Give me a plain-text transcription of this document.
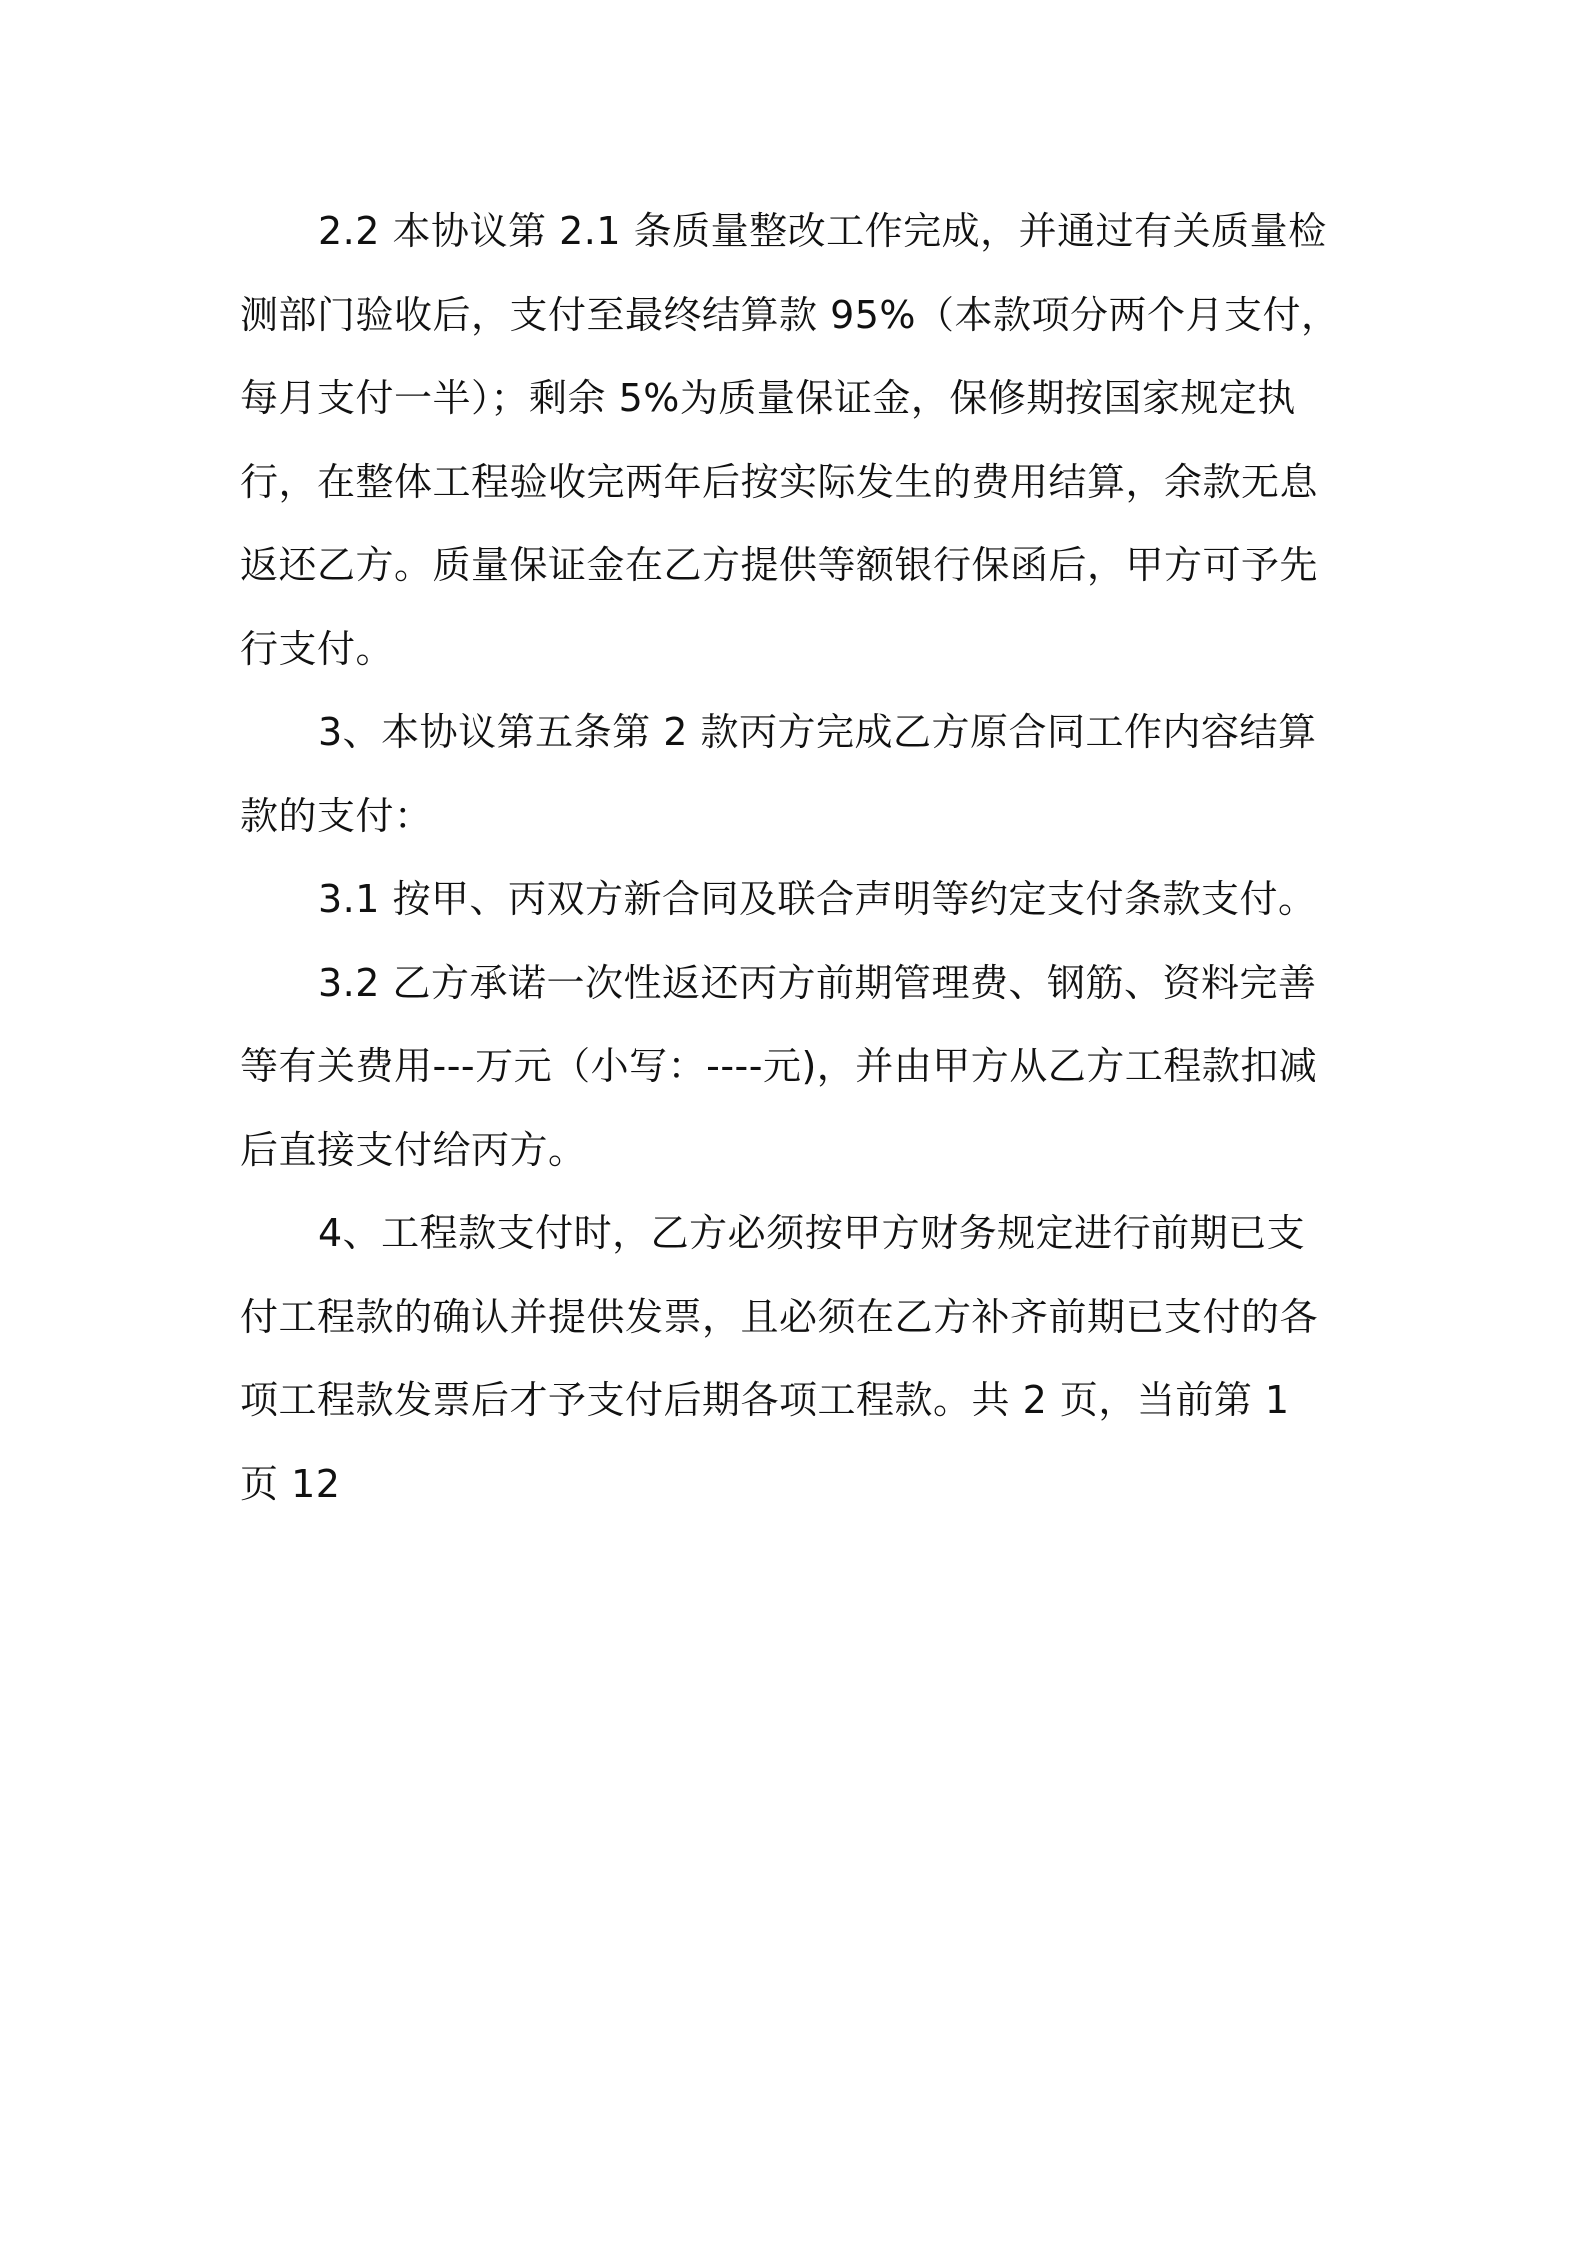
2.2 本协议第 2.1 条质量整改工作完成，并通过有关质量检
测部门验收后，支付至最终结算款 95%（本款项分两个月支付，
每月支付一半）；剩余 5%为质量保证金，保修期按国家规定执
行，在整体工程验收完两年后按实际发生的费用结算，余款无息
返还乙方。质量保证金在乙方提供等额银行保函后，甲方可予先
行支付。
3、本协议第五条第 2 款丙方完成乙方原合同工作内容结算
款的支付：
3.1 按甲、丙双方新合同及联合声明等约定支付条款支付。
3.2 乙方承诺一次性返还丙方前期管理费、钢筋、资料完善
等有关费用---万元（小写：----元)，并由甲方从乙方工程款扣减
后直接支付给丙方。
4、工程款支付时，乙方必须按甲方财务规定进行前期已支
付工程款的确认并提供发票，且必须在乙方补齐前期已支付的各
项工程款发票后才予支付后期各项工程款。共 2 页，当前第 1
页 12
